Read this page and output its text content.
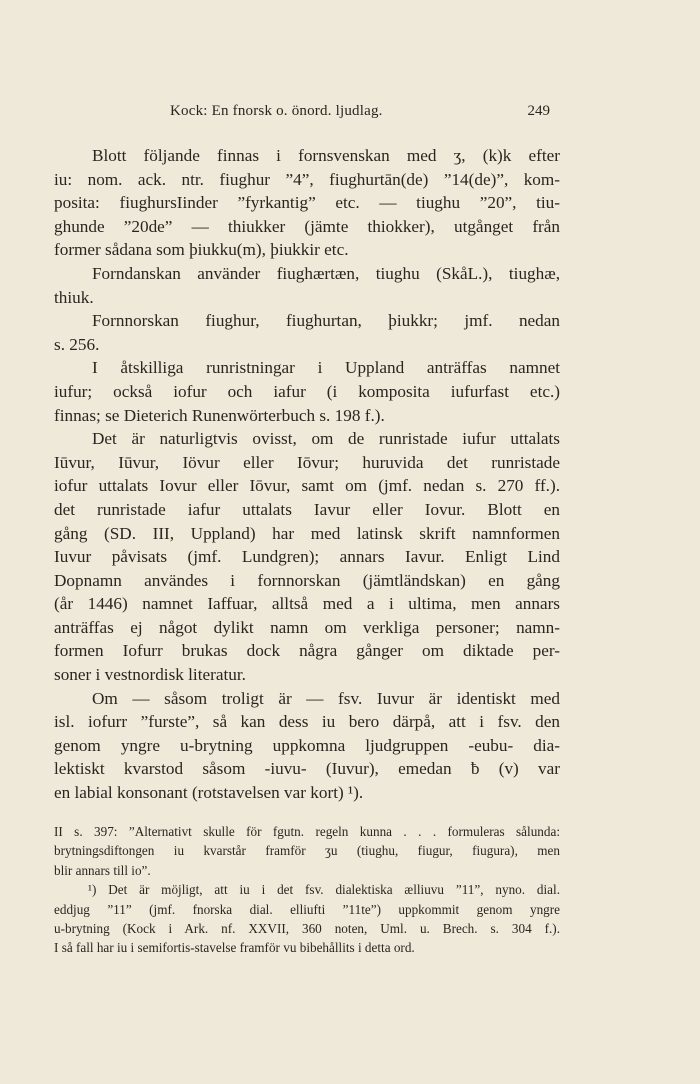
Kock: En fnorsk o. önord. ljudlag.	249
Blott följande finnas i fornsvenskan med ʒ, (k)k efter
iu: nom. ack. ntr. fiughur ”4”, fiughurtān(de) ”14(de)”, kom-
posita: fiughursIinder ”fyrkantig” etc. — tiughu ”20”, tiu-
ghunde ”20de” — thiukker (jämte thiokker), utgånget från
former sådana som þiukku(m), þiukkir etc.
Forndanskan använder fiughærtæn, tiughu (SkåL.), tiughæ,
thiuk.
Fornnorskan fiughur, fiughurtan, þiukkr; jmf. nedan
s. 256.
I åtskilliga runristningar i Uppland anträffas namnet
iufur; också iofur och iafur (i komposita iufurfast etc.)
finnas; se Dieterich Runenwörterbuch s. 198 f.).
Det är naturligtvis ovisst, om de runristade iufur uttalats
Iūvur, Iūvur, Iövur eller Iōvur; huruvida det runristade
iofur uttalats Iovur eller Iōvur, samt om (jmf. nedan s. 270 ff.).
det runristade iafur uttalats Iavur eller Iovur. Blott en
gång (SD. III, Uppland) har med latinsk skrift namnformen
Iuvur påvisats (jmf. Lundgren); annars Iavur. Enligt Lind
Dopnamn användes i fornnorskan (jämtländskan) en gång
(år 1446) namnet Iaffuar, alltså med a i ultima, men annars
anträffas ej något dylikt namn om verkliga personer; namn-
formen Iofurr brukas dock några gånger om diktade per-
soner i vestnordisk literatur.
Om — såsom troligt är — fsv. Iuvur är identiskt med
isl. iofurr ”furste”, så kan dess iu bero därpå, att i fsv. den
genom yngre u-brytning uppkomna ljudgruppen -eubu- dia-
lektiskt kvarstod såsom -iuvu- (Iuvur), emedan ƀ (v) var
en labial konsonant (rotstavelsen var kort) ¹).
II s. 397: ”Alternativt skulle för fgutn. regeln kunna . . . formuleras sålunda:
brytningsdiftongen iu kvarstår framför ʒu (tiughu, fiugur, fiugura), men
blir annars till io”.
¹) Det är möjligt, att iu i det fsv. dialektiska ælliuvu ”11”, nyno. dial.
eddjug ”11” (jmf. fnorska dial. elliufti ”11te”) uppkommit genom yngre
u-brytning (Kock i Ark. nf. XXVII, 360 noten, Uml. u. Brech. s. 304 f.).
I så fall har iu i semifortis-stavelse framför vu bibehållits i detta ord.
